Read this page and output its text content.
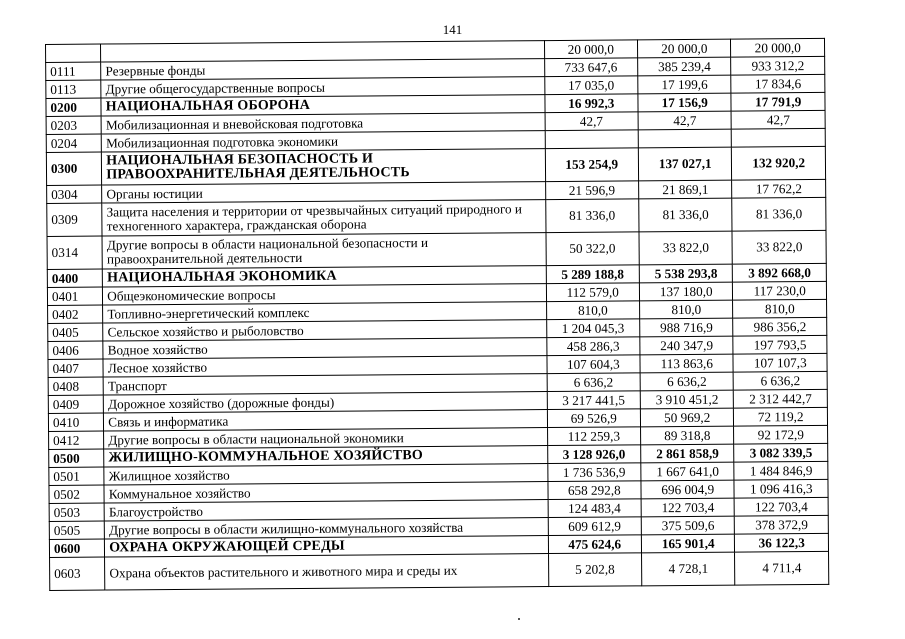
141
		20 000,0	20 000,0	20 000,0
0111	Резервные фонды	733 647,6	385 239,4	933 312,2
0113	Другие общегосударственные вопросы	17 035,0	17 199,6	17 834,6
0200	НАЦИОНАЛЬНАЯ ОБОРОНА	16 992,3	17 156,9	17 791,9
0203	Мобилизационная и вневойсковая подготовка	42,7	42,7	42,7
0204	Мобилизационная подготовка экономики			
0300	НАЦИОНАЛЬНАЯ БЕЗОПАСНОСТЬ И ПРАВООХРАНИТЕЛЬНАЯ ДЕЯТЕЛЬНОСТЬ	153 254,9	137 027,1	132 920,2
0304	Органы юстиции	21 596,9	21 869,1	17 762,2
0309	Защита населения и территории от чрезвычайных ситуаций природного и техногенного характера, гражданская оборона	81 336,0	81 336,0	81 336,0
0314	Другие вопросы в области национальной безопасности и правоохранительной деятельности	50 322,0	33 822,0	33 822,0
0400	НАЦИОНАЛЬНАЯ ЭКОНОМИКА	5 289 188,8	5 538 293,8	3 892 668,0
0401	Общеэкономические вопросы	112 579,0	137 180,0	117 230,0
0402	Топливно-энергетический комплекс	810,0	810,0	810,0
0405	Сельское хозяйство и рыболовство	1 204 045,3	988 716,9	986 356,2
0406	Водное хозяйство	458 286,3	240 347,9	197 793,5
0407	Лесное хозяйство	107 604,3	113 863,6	107 107,3
0408	Транспорт	6 636,2	6 636,2	6 636,2
0409	Дорожное хозяйство (дорожные фонды)	3 217 441,5	3 910 451,2	2 312 442,7
0410	Связь и информатика	69 526,9	50 969,2	72 119,2
0412	Другие вопросы в области национальной экономики	112 259,3	89 318,8	92 172,9
0500	ЖИЛИЩНО-КОММУНАЛЬНОЕ ХОЗЯЙСТВО	3 128 926,0	2 861 858,9	3 082 339,5
0501	Жилищное хозяйство	1 736 536,9	1 667 641,0	1 484 846,9
0502	Коммунальное хозяйство	658 292,8	696 004,9	1 096 416,3
0503	Благоустройство	124 483,4	122 703,4	122 703,4
0505	Другие вопросы в области жилищно-коммунального хозяйства	609 612,9	375 509,6	378 372,9
0600	ОХРАНА ОКРУЖАЮЩЕЙ СРЕДЫ	475 624,6	165 901,4	36 122,3
0603	Охрана объектов растительного и животного мира и среды их	5 202,8	4 728,1	4 711,4
